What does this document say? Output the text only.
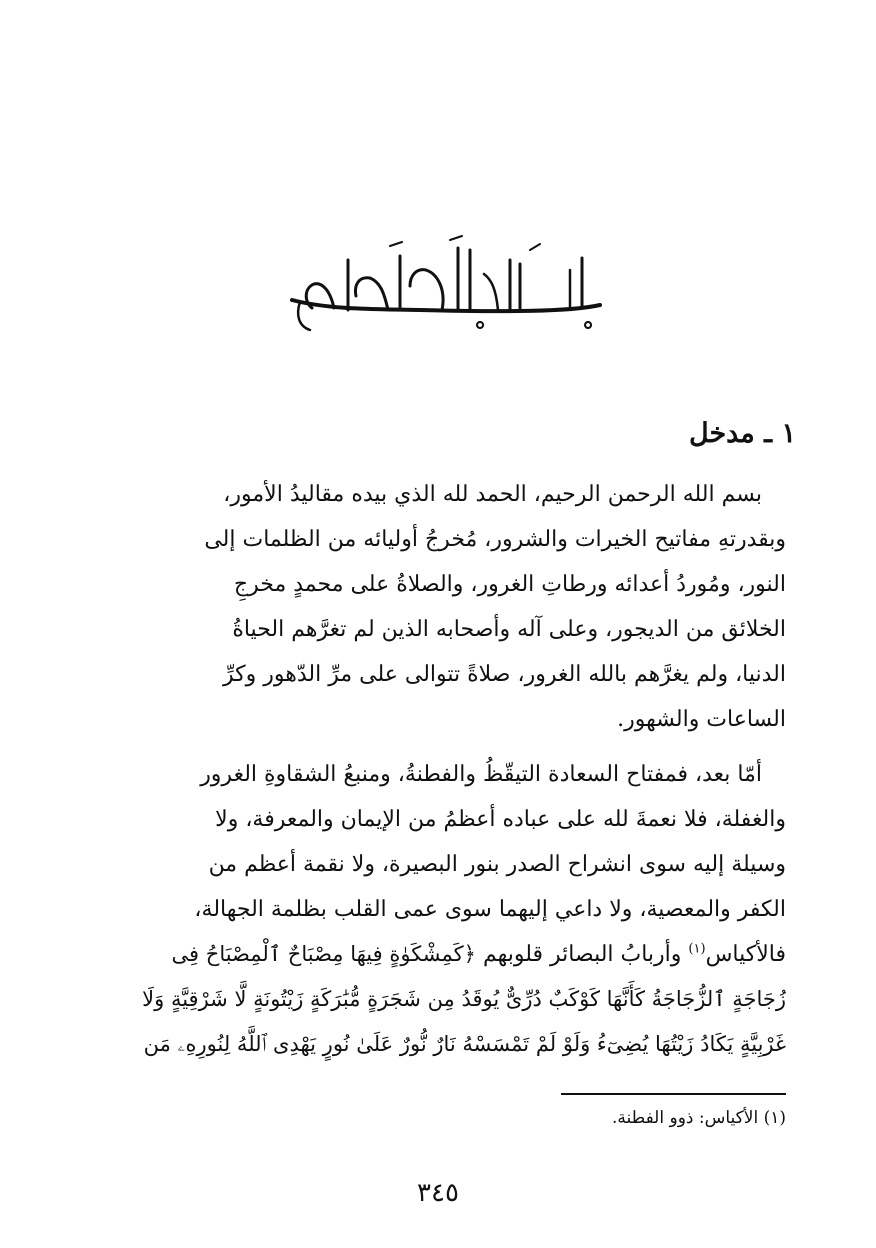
١ ـ مدخل
بسم الله الرحمن الرحيم، الحمد لله الذي بيده مقاليدُ الأمور،
وبقدرتهِ مفاتيح الخيرات والشرور، مُخرجُ أوليائه من الظلمات إلى
النور، ومُوردُ أعدائه ورطاتِ الغرور، والصلاةُ على محمدٍ مخرجِ
الخلائق من الديجور، وعلى آله وأصحابه الذين لم تغرَّهم الحياةُ
الدنيا، ولم يغرَّهم بالله الغرور، صلاةً تتوالى على مرِّ الدّهور وكرِّ
الساعات والشهور.
أمّا بعد، فمفتاح السعادة التيقّظُ والفطنةُ، ومنبعُ الشقاوةِ الغرور
والغفلة، فلا نعمةَ لله على عباده أعظمُ من الإيمان والمعرفة، ولا
وسيلة إليه سوى انشراح الصدر بنور البصيرة، ولا نقمة أعظم من
الكفر والمعصية، ولا داعي إليهما سوى عمى القلب بظلمة الجهالة،
فالأكياس$^{(١)}$ وأربابُ البصائر قلوبهم ﴿كَمِشْكَوٰةٍ فِيهَا مِصْبَاحٌ ٱلْمِصْبَاحُ فِى
زُجَاجَةٍ ٱلزُّجَاجَةُ كَأَنَّهَا كَوْكَبٌ دُرِّىٌّ يُوقَدُ مِن شَجَرَةٍ مُّبَٰرَكَةٍ زَيْتُونَةٍ لَّا شَرْقِيَّةٍ وَلَا
غَرْبِيَّةٍ يَكَادُ زَيْتُهَا يُضِىٓءُ وَلَوْ لَمْ تَمْسَسْهُ نَارٌ نُّورٌ عَلَىٰ نُورٍ يَهْدِى ٱللَّهُ لِنُورِهِۦ مَن
(١) الأكياس: ذوو الفطنة.
٣٤٥
